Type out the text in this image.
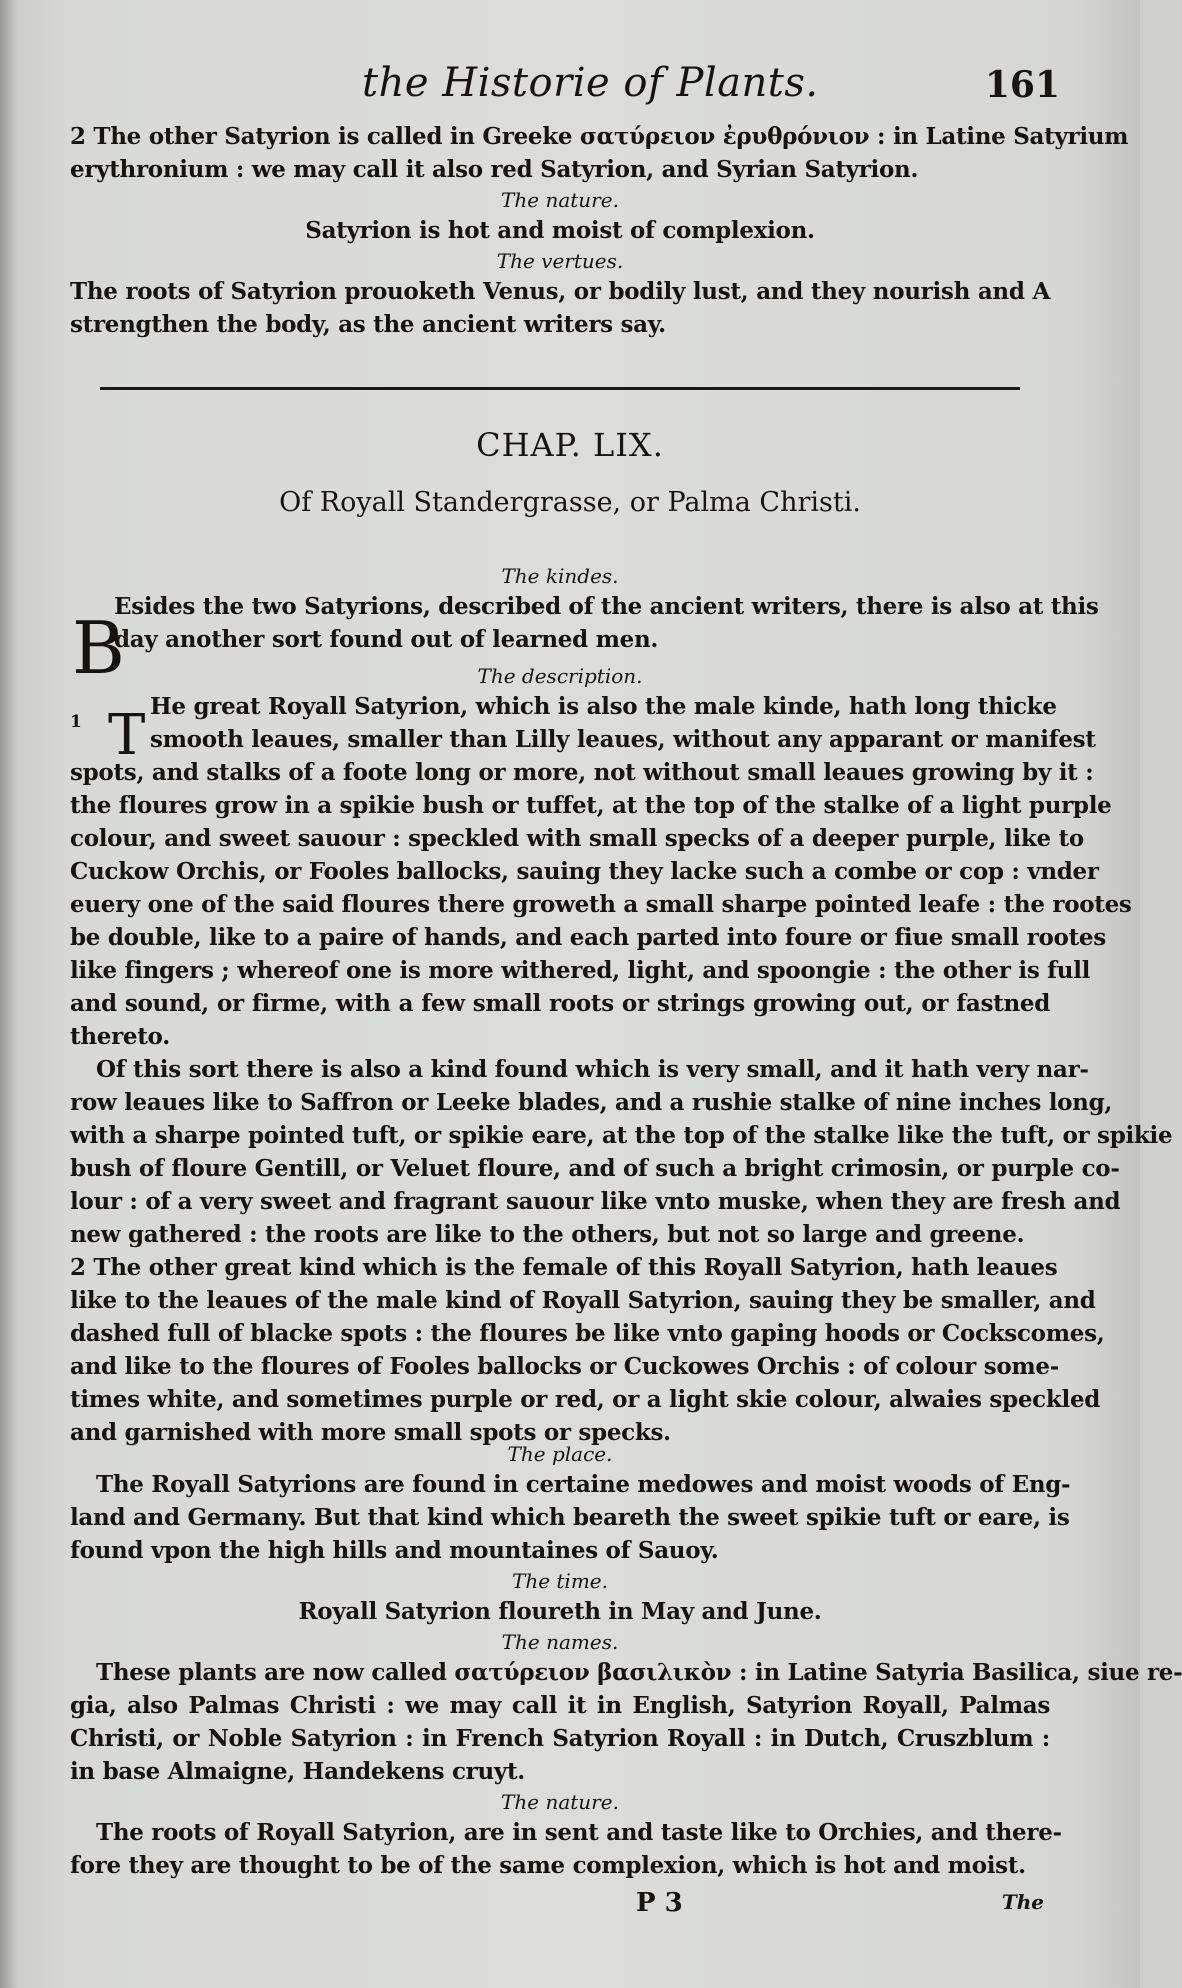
the Historie of Plants.	161
2 The other Satyrion is called in Greeke σατύρειον ἐρυθρόνιον : in Latine Satyrium
erythronium : we may call it also red Satyrion, and Syrian Satyrion.
The nature.
Satyrion is hot and moist of complexion.
The vertues.
The roots of Satyrion prouoketh Venus, or bodily lust, and they nourish and A
strengthen the body, as the ancient writers say.
CHAP. LIX.
Of Royall Standergrasse, or Palma Christi.
The kindes.
Esides the two Satyrions, described of the ancient writers, there is also at this
day another sort found out of learned men.
B	The description.
He great Royall Satyrion, which is also the male kinde, hath long thicke
smooth leaues, smaller than Lilly leaues, without any apparant or manifest
spots, and stalks of a foote long or more, not without small leaues growing by it :
the floures grow in a spikie bush or tuffet, at the top of the stalke of a light purple
colour, and sweet sauour : speckled with small specks of a deeper purple, like to
Cuckow Orchis, or Fooles ballocks, sauing they lacke such a combe or cop : vnder
euery one of the said floures there groweth a small sharpe pointed leafe : the rootes
be double, like to a paire of hands, and each parted into foure or fiue small rootes
like fingers ; whereof one is more withered, light, and spoongie : the other is full
and sound, or firme, with a few small roots or strings growing out, or fastned
thereto.
Of this sort there is also a kind found which is very small, and it hath very nar-
row leaues like to Saffron or Leeke blades, and a rushie stalke of nine inches long,
with a sharpe pointed tuft, or spikie eare, at the top of the stalke like the tuft, or spikie
bush of floure Gentill, or Veluet floure, and of such a bright crimosin, or purple co-
lour : of a very sweet and fragrant sauour like vnto muske, when they are fresh and
new gathered : the roots are like to the others, but not so large and greene.
2 The other great kind which is the female of this Royall Satyrion, hath leaues
like to the leaues of the male kind of Royall Satyrion, sauing they be smaller, and
dashed full of blacke spots : the floures be like vnto gaping hoods or Cockscomes,
and like to the floures of Fooles ballocks or Cuckowes Orchis : of colour some-
times white, and sometimes purple or red, or a light skie colour, alwaies speckled
and garnished with more small spots or specks.
1 T
The place.
The Royall Satyrions are found in certaine medowes and moist woods of Eng-
land and Germany. But that kind which beareth the sweet spikie tuft or eare, is
found vpon the high hills and mountaines of Sauoy.
The time.
Royall Satyrion floureth in May and June.
The names.
These plants are now called σατύρειον βασιλικὸν : in Latine Satyria Basilica, siue re-
gia, also Palmas Christi : we may call it in English, Satyrion Royall, Palmas
Christi, or Noble Satyrion : in French Satyrion Royall : in Dutch, Cruszblum :
in base Almaigne, Handekens cruyt.
The nature.
The roots of Royall Satyrion, are in sent and taste like to Orchies, and there-
fore they are thought to be of the same complexion, which is hot and moist.
P 3	The
